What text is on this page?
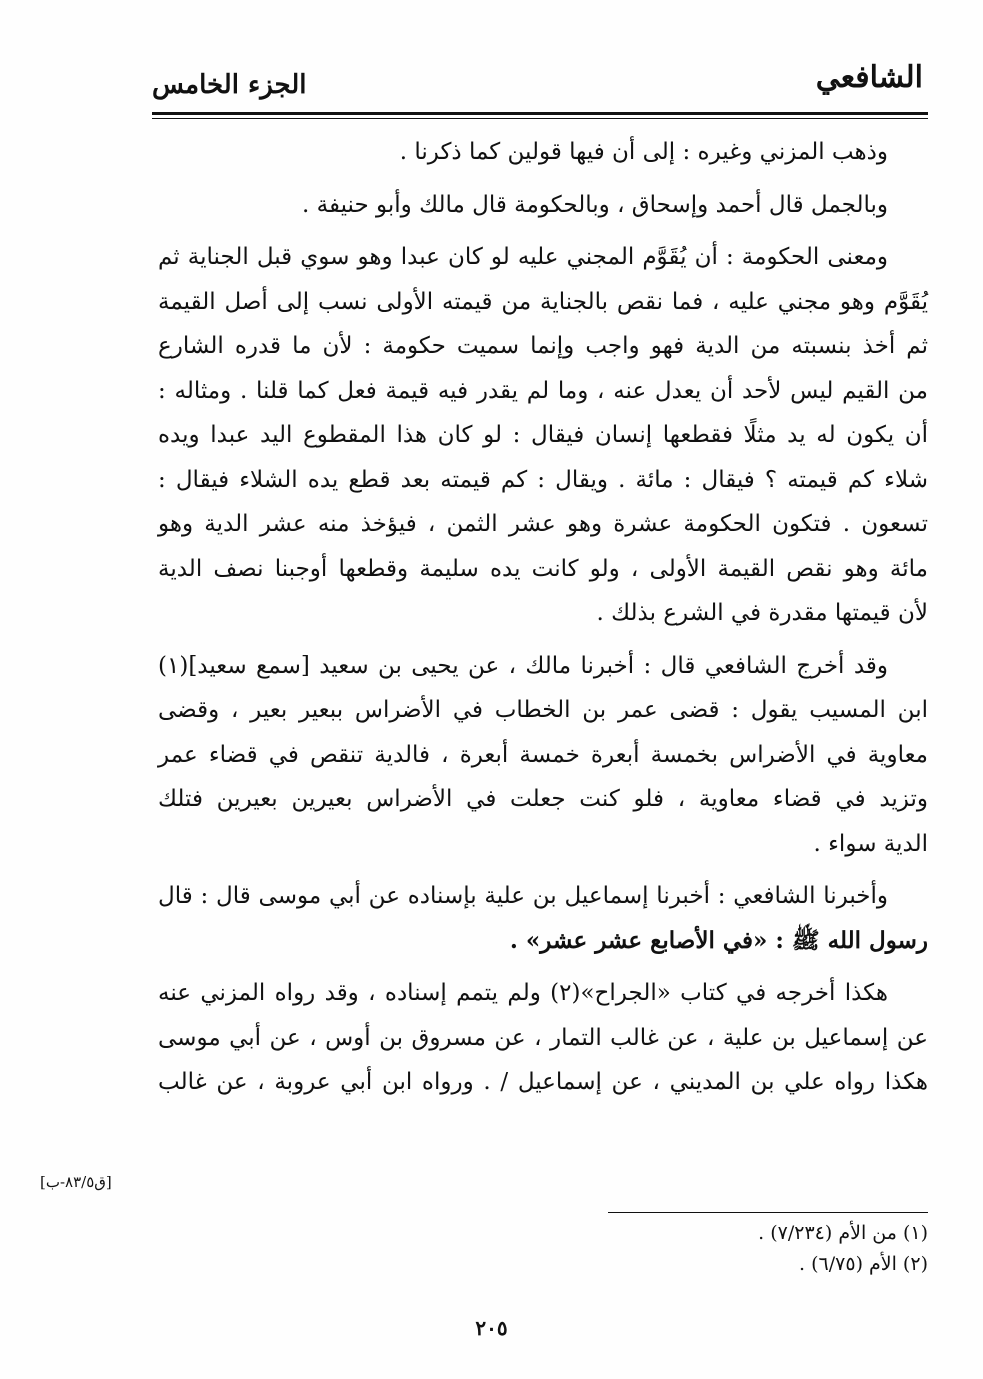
الشافعي
الجزء الخامس
وذهب المزني وغيره : إلى أن فيها قولين كما ذكرنا .
وبالجمل قال أحمد وإسحاق ، وبالحكومة قال مالك وأبو حنيفة .
ومعنى الحكومة : أن يُقَوَّم المجني عليه لو كان عبدا وهو سوي قبل الجناية ثم
يُقَوَّم وهو مجني عليه ، فما نقص بالجناية من قيمته الأولى نسب إلى أصل القيمة
ثم أخذ بنسبته من الدية فهو واجب وإنما سميت حكومة : لأن ما قدره الشارع
من القيم ليس لأحد أن يعدل عنه ، وما لم يقدر فيه قيمة فعل كما قلنا . ومثاله :
أن يكون له يد مثلًا فقطعها إنسان فيقال : لو كان هذا المقطوع اليد عبدا ويده
شلاء كم قيمته ؟ فيقال : مائة . ويقال : كم قيمته بعد قطع يده الشلاء فيقال :
تسعون . فتكون الحكومة عشرة وهو عشر الثمن ، فيؤخذ منه عشر الدية وهو
مائة وهو نقص القيمة الأولى ، ولو كانت يده سليمة وقطعها أوجبنا نصف الدية
لأن قيمتها مقدرة في الشرع بذلك .
وقد أخرج الشافعي قال : أخبرنا مالك ، عن يحيى بن سعيد [سمع سعيد](١)
ابن المسيب يقول : قضى عمر بن الخطاب في الأضراس ببعير بعير ، وقضى
معاوية في الأضراس بخمسة أبعرة خمسة أبعرة ، فالدية تنقص في قضاء عمر
وتزيد في قضاء معاوية ، فلو كنت جعلت في الأضراس بعيرين بعيرين فتلك
الدية سواء .
وأخبرنا الشافعي : أخبرنا إسماعيل بن علية بإسناده عن أبي موسى قال : قال
رسول الله ﷺ : «في الأصابع عشر عشر» .
هكذا أخرجه في كتاب «الجراح»(٢) ولم يتمم إسناده ، وقد رواه المزني عنه
عن إسماعيل بن علية ، عن غالب التمار ، عن مسروق بن أوس ، عن أبي موسى
هكذا رواه علي بن المديني ، عن إسماعيل / . ورواه ابن أبي عروبة ، عن غالب
[ق٨٣/٥-ب]
(١) من الأم (٧/٢٣٤) .
(٢) الأم (٦/٧٥) .
٢٠٥
